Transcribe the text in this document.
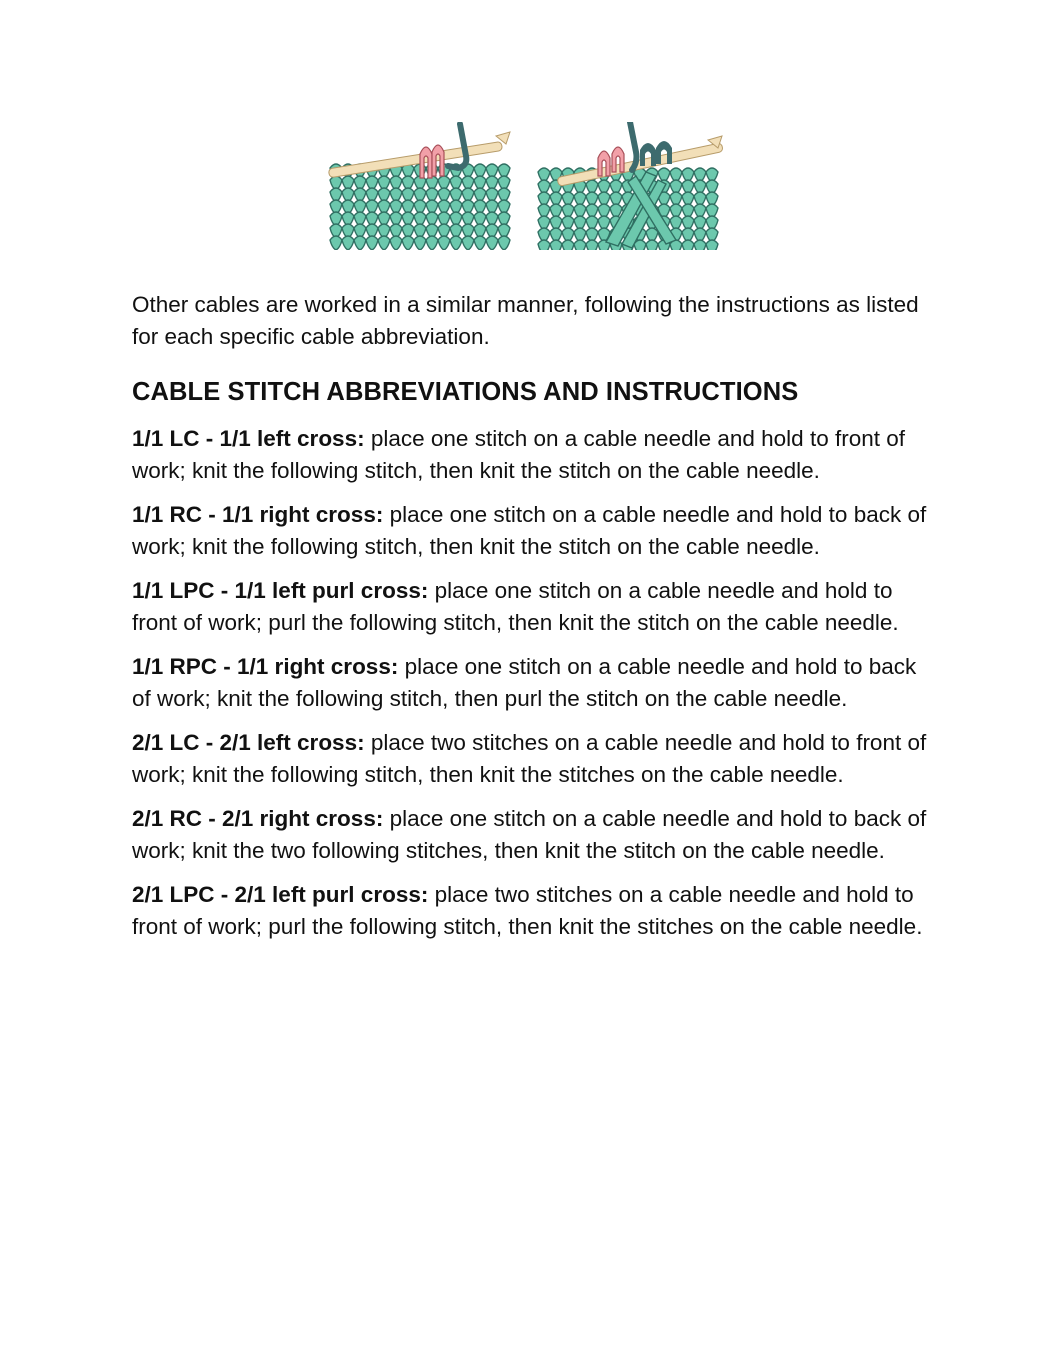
Other cables are worked in a similar manner, following the instructions as listed for each specific cable abbreviation.

CABLE STITCH ABBREVIATIONS AND INSTRUCTIONS

1/1 LC - 1/1 left cross: place one stitch on a cable needle and hold to front of work; knit the following stitch, then knit the stitch on the cable needle.

1/1 RC - 1/1 right cross: place one stitch on a cable needle and hold to back of work; knit the following stitch, then knit the stitch on the cable needle.

1/1 LPC - 1/1 left purl cross: place one stitch on a cable needle and hold to front of work; purl the following stitch, then knit the stitch on the cable needle.

1/1 RPC - 1/1 right cross: place one stitch on a cable needle and hold to back of work; knit the following stitch, then purl the stitch on the cable needle.

2/1 LC - 2/1 left cross: place two stitches on a cable needle and hold to front of work; knit the following stitch, then knit the stitches on the cable needle.

2/1 RC - 2/1 right cross: place one stitch on a cable needle and hold to back of work; knit the two following stitches, then knit the stitch on the cable needle.

2/1 LPC - 2/1 left purl cross: place two stitches on a cable needle and hold to front of work; purl the following stitch, then knit the stitches on the cable needle.
